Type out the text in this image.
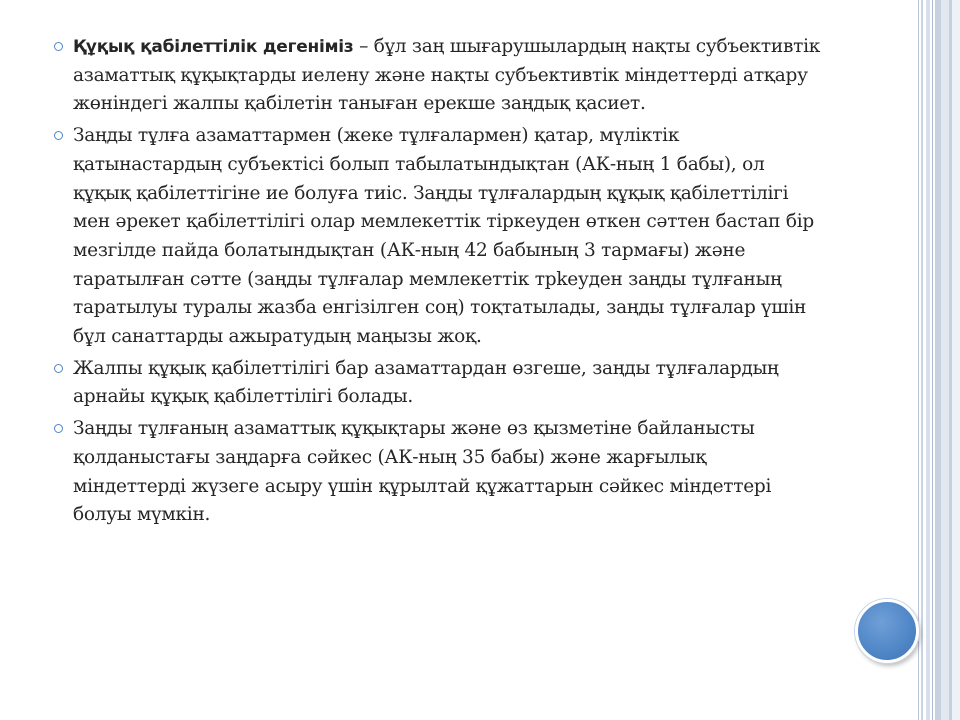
Құқық қабілеттілік дегеніміз – бұл заң шығарушылардың нақты субъективтік азаматтық құқықтарды иелену және нақты субъективтік міндеттерді атқару жөніндегі жалпы қабілетін таныған ерекше заңдық қасиет.
Заңды тұлға азаматтармен (жеке тұлғалармен) қатар, мүліктік қатынастардың субъектісі болып табылатындықтан (АК-ның 1 бабы), ол құқық қабілеттігіне ие болуға тиіс. Заңды тұлғалардың құқық қабілеттілігі мен әрекет қабілеттілігі олар мемлекеттік тіркеуден өткен сәттен бастап бір мезгілде пайда болатындықтан (АК-ның 42 бабының 3 тармағы) және таратылған сәтте (заңды тұлғалар мемлекеттік трkеуден заңды тұлғаның таратылуы туралы жазба енгізілген соң) тоқтатылады, заңды тұлғалар үшін бұл санаттарды ажыратудың маңызы жоқ.
Жалпы құқық қабілеттілігі бар азаматтардан өзгеше, заңды тұлғалардың арнайы құқық қабілеттілігі болады.
Заңды тұлғаның азаматтық құқықтары және өз қызметіне байланысты қолданыстағы заңдарға сәйкес (АК-ның 35 бабы) және жарғылық міндеттерді жүзеге асыру үшін құрылтай құжаттарын сәйкес міндеттері болуы мүмкін.
